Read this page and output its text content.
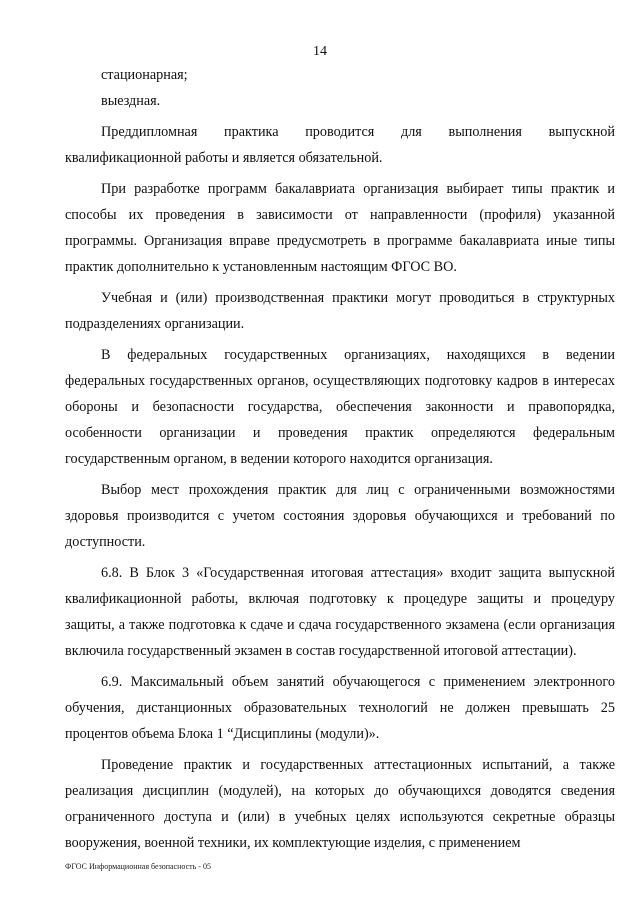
14

стационарная;

выездная.

Преддипломная практика проводится для выполнения выпускной квалификационной работы и является обязательной.

При разработке программ бакалавриата организация выбирает типы практик и способы их проведения в зависимости от направленности (профиля) указанной программы. Организация вправе предусмотреть в программе бакалавриата иные типы практик дополнительно к установленным настоящим ФГОС ВО.

Учебная и (или) производственная практики могут проводиться в структурных подразделениях организации.

В федеральных государственных организациях, находящихся в ведении федеральных государственных органов, осуществляющих подготовку кадров в интересах обороны и безопасности государства, обеспечения законности и правопорядка, особенности организации и проведения практик определяются федеральным государственным органом, в ведении которого находится организация.

Выбор мест прохождения практик для лиц с ограниченными возможностями здоровья производится с учетом состояния здоровья обучающихся и требований по доступности.

6.8. В Блок 3 «Государственная итоговая аттестация» входит защита выпускной квалификационной работы, включая подготовку к процедуре защиты и процедуру защиты, а также подготовка к сдаче и сдача государственного экзамена (если организация включила государственный экзамен в состав государственной итоговой аттестации).

6.9. Максимальный объем занятий обучающегося с применением электронного обучения, дистанционных образовательных технологий не должен превышать 25 процентов объема Блока 1 “Дисциплины (модули)».

Проведение практик и государственных аттестационных испытаний, а также реализация дисциплин (модулей), на которых до обучающихся доводятся сведения ограниченного доступа и (или) в учебных целях используются секретные образцы вооружения, военной техники, их комплектующие изделия, с применением

ФГОС Информационная безопасность - 05
